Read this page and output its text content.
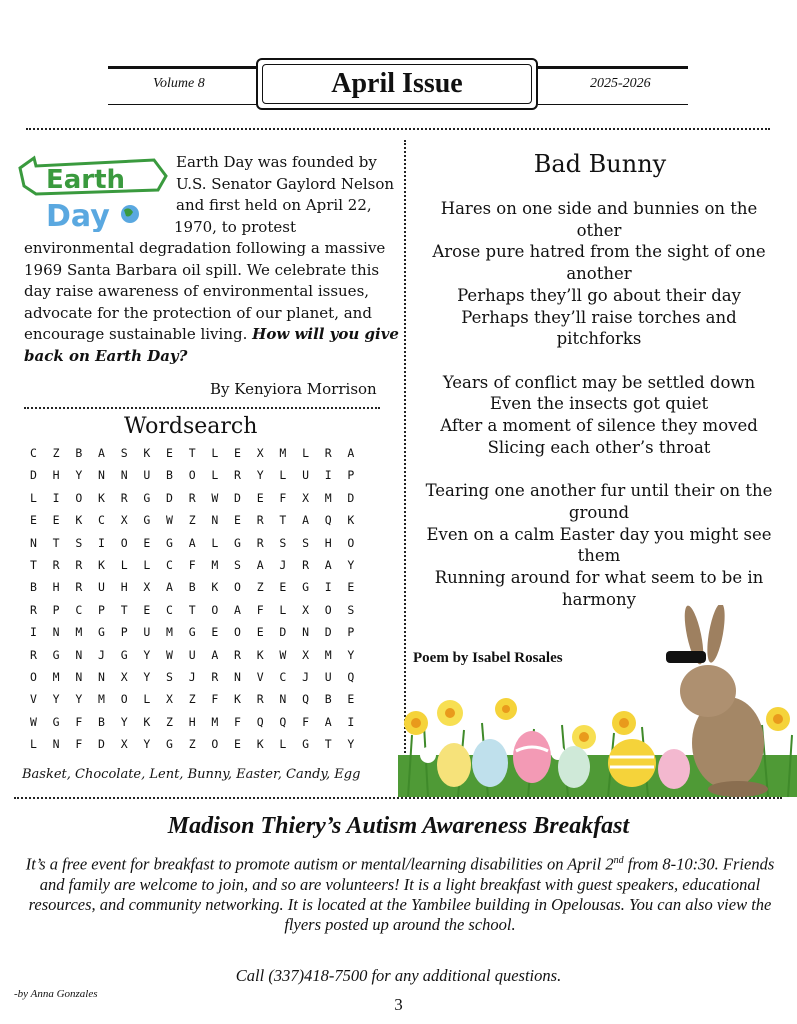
Volume 8	April Issue	2025-2026
Earth
Day
Earth Day was founded by U.S. Senator Gaylord Nelson and first held on April 22, 1970, to protest environmental degradation following a massive 1969 Santa Barbara oil spill. We celebrate this day raise awareness of environmental issues, advocate for the protection of our planet, and encourage sustainable living. How will you give back on Earth Day?
By Kenyiora Morrison
Wordsearch
C	Z	B	A	S	K	E	T	L	E	X	M	L	R	A
D	H	Y	N	N	U	B	O	L	R	Y	L	U	I	P
L	I	O	K	R	G	D	R	W	D	E	F	X	M	D
E	E	K	C	X	G	W	Z	N	E	R	T	A	Q	K
N	T	S	I	O	E	G	A	L	G	R	S	S	H	O
T	R	R	K	L	L	C	F	M	S	A	J	R	A	Y
B	H	R	U	H	X	A	B	K	O	Z	E	G	I	E
R	P	C	P	T	E	C	T	O	A	F	L	X	O	S
I	N	M	G	P	U	M	G	E	O	E	D	N	D	P
R	G	N	J	G	Y	W	U	A	R	K	W	X	M	Y
O	M	N	N	X	Y	S	J	R	N	V	C	J	U	Q
V	Y	Y	M	O	L	X	Z	F	K	R	N	Q	B	E
W	G	F	B	Y	K	Z	H	M	F	Q	Q	F	A	I
L	N	F	D	X	Y	G	Z	O	E	K	L	G	T	Y
Basket, Chocolate, Lent, Bunny, Easter, Candy, Egg
Bad Bunny
Hares on one side and bunnies on the other
Arose pure hatred from the sight of one another
Perhaps they’ll go about their day
Perhaps they’ll raise torches and pitchforks
Years of conflict may be settled down
Even the insects got quiet
After a moment of silence they moved
Slicing each other’s throat
Tearing one another fur until their on the ground
Even on a calm Easter day you might see them
Running around for what seem to be in harmony
Poem by Isabel Rosales
Madison Thiery’s Autism Awareness Breakfast
It’s a free event for breakfast to promote autism or mental/learning disabilities on April 2nd from 8-10:30. Friends and family are welcome to join, and so are volunteers! It is a light breakfast with guest speakers, educational resources, and community networking. It is located at the Yambilee building in Opelousas. You can also view the flyers posted up around the school.
Call (337)418-7500 for any additional questions.
-by Anna Gonzales
3
